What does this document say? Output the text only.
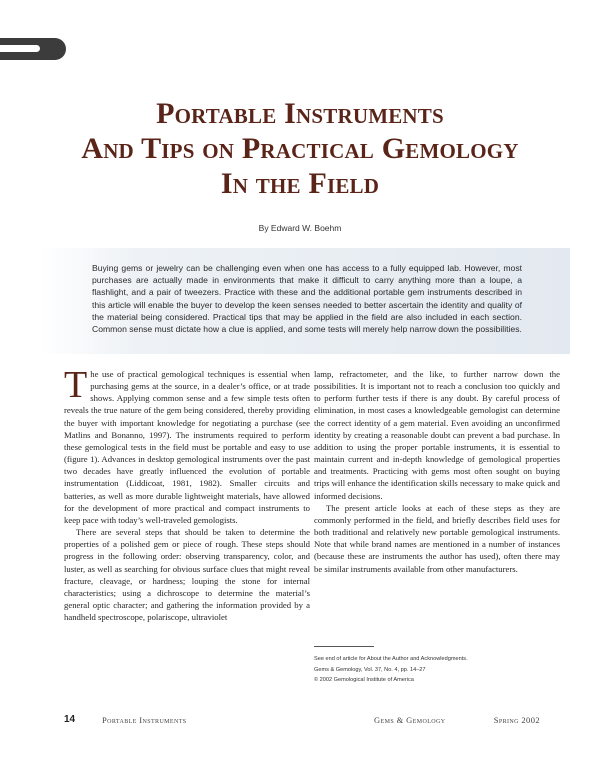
Portable Instruments
And Tips on Practical Gemology
In the Field
By Edward W. Boehm

Buying gems or jewelry can be challenging even when one has access to a fully equipped lab. However, most purchases are actually made in environments that make it difficult to carry anything more than a loupe, a flashlight, and a pair of tweezers. Practice with these and the additional portable gem instruments described in this article will enable the buyer to develop the keen senses needed to better ascertain the identity and quality of the material being considered. Practical tips that may be applied in the field are also included in each section. Common sense must dictate how a clue is applied, and some tests will merely help narrow down the possibilities.

The use of practical gemological techniques is essential when purchasing gems at the source, in a dealer’s office, or at trade shows. Applying common sense and a few simple tests often reveals the true nature of the gem being considered, thereby providing the buyer with important knowledge for negotiating a purchase (see Matlins and Bonanno, 1997). The instruments required to perform these gemological tests in the field must be portable and easy to use (figure 1). Advances in desktop gemological instruments over the past two decades have greatly influenced the evolution of portable instrumentation (Liddicoat, 1981, 1982). Smaller circuits and batteries, as well as more durable lightweight materials, have allowed for the development of more practical and compact instruments to keep pace with today’s well-traveled gemologists.

There are several steps that should be taken to determine the properties of a polished gem or piece of rough. These steps should progress in the following order: observing transparency, color, and luster, as well as searching for obvious surface clues that might reveal fracture, cleavage, or hardness; louping the stone for internal characteristics; using a dichroscope to determine the material’s general optic character; and gathering the information provided by a handheld spectroscope, polariscope, ultraviolet

lamp, refractometer, and the like, to further narrow down the possibilities. It is important not to reach a conclusion too quickly and to perform further tests if there is any doubt. By careful process of elimination, in most cases a knowledgeable gemologist can determine the correct identity of a gem material. Even avoiding an unconfirmed identity by creating a reasonable doubt can prevent a bad purchase. In addition to using the proper portable instruments, it is essential to maintain current and in-depth knowledge of gemological properties and treatments. Practicing with gems most often sought on buying trips will enhance the identification skills necessary to make quick and informed decisions.

The present article looks at each of these steps as they are commonly performed in the field, and briefly describes field uses for both traditional and relatively new portable gemological instruments. Note that while brand names are mentioned in a number of instances (because these are instruments the author has used), often there may be similar instruments available from other manufacturers.

See end of article for About the Author and Acknowledgments.
Gems & Gemology, Vol. 37, No. 4, pp. 14–27
© 2002 Gemological Institute of America
14	Portable Instruments	Gems & Gemology	Spring 2002
